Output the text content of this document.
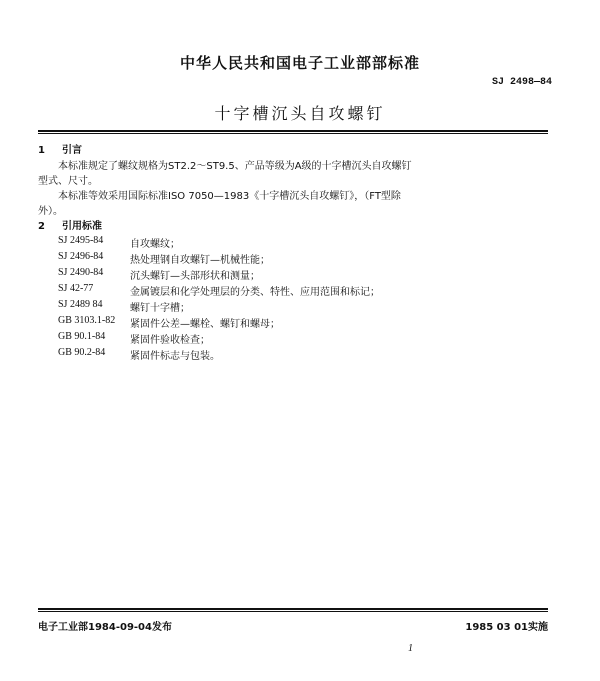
中华人民共和国电子工业部部标准
SJ 2498—84
十字槽沉头自攻螺钉
1 引言
本标准规定了螺纹规格为ST2.2～ST9.5、产品等级为A级的十字槽沉头自攻螺钉
型式、尺寸。
本标准等效采用国际标准ISO 7050—1983《十字槽沉头自攻螺钉》，（FT型除
外）。
2 引用标准
SJ 2495-84	自攻螺纹；
SJ 2496-84	热处理钢自攻螺钉—机械性能；
SJ 2490-84	沉头螺钉—头部形状和测量；
SJ 42-77	金属镀层和化学处理层的分类、特性、应用范围和标记；
SJ 2489 84	螺钉十字槽；
GB 3103.1-82 紧固件公差—螺栓、螺钉和螺母；
GB 90.1-84 紧固件验收检查；
GB 90.2-84 紧固件标志与包装。
电子工业部1984-09-04发布	1985 03 01实施
1
